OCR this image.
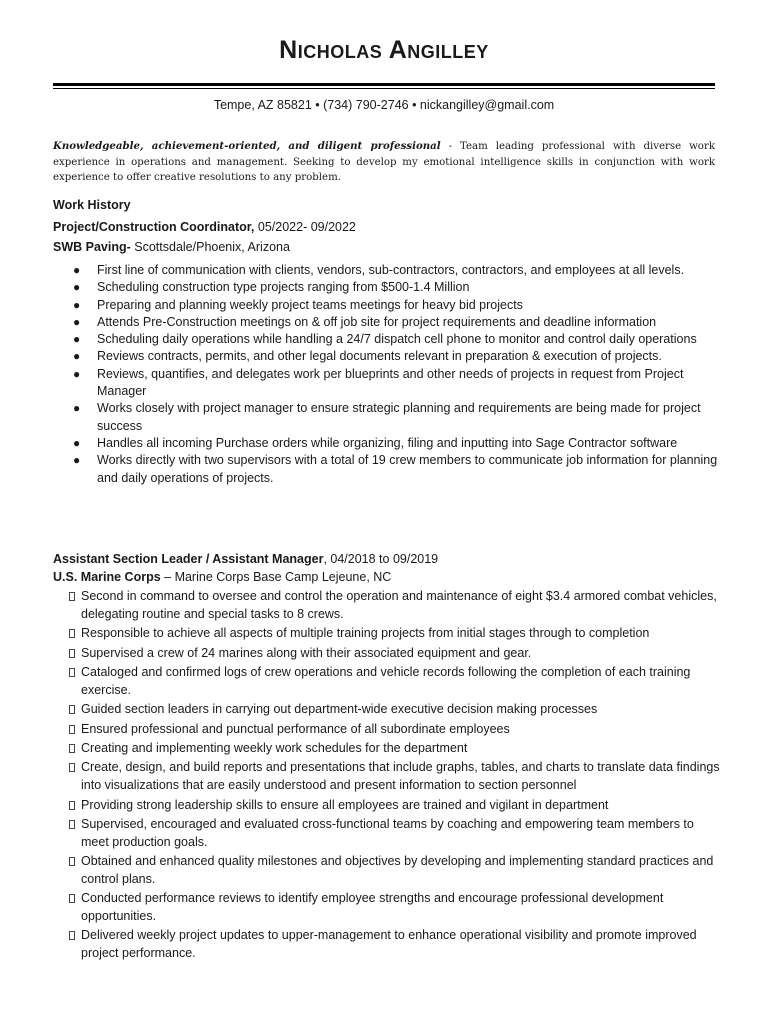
Nicholas Angilley
Tempe, AZ 85821 • (734) 790-2746 • nickangilley@gmail.com
Knowledgeable, achievement-oriented, and diligent professional - Team leading professional with diverse work experience in operations and management. Seeking to develop my emotional intelligence skills in conjunction with work experience to offer creative resolutions to any problem.
Work History
Project/Construction Coordinator, 05/2022- 09/2022
SWB Paving- Scottsdale/Phoenix, Arizona
● First line of communication with clients, vendors, sub-contractors, contractors, and employees at all levels.
● Scheduling construction type projects ranging from $500-1.4 Million
● Preparing and planning weekly project teams meetings for heavy bid projects
● Attends Pre-Construction meetings on & off job site for project requirements and deadline information
● Scheduling daily operations while handling a 24/7 dispatch cell phone to monitor and control daily operations
● Reviews contracts, permits, and other legal documents relevant in preparation & execution of projects.
● Reviews, quantifies, and delegates work per blueprints and other needs of projects in request from Project Manager
● Works closely with project manager to ensure strategic planning and requirements are being made for project success
● Handles all incoming Purchase orders while organizing, filing and inputting into Sage Contractor software
● Works directly with two supervisors with a total of 19 crew members to communicate job information for planning and daily operations of projects.
Assistant Section Leader / Assistant Manager, 04/2018 to 09/2019
U.S. Marine Corps – Marine Corps Base Camp Lejeune, NC
Second in command to oversee and control the operation and maintenance of eight $3.4 armored combat vehicles, delegating routine and special tasks to 8 crews.
Responsible to achieve all aspects of multiple training projects from initial stages through to completion
Supervised a crew of 24 marines along with their associated equipment and gear.
Cataloged and confirmed logs of crew operations and vehicle records following the completion of each training exercise.
Guided section leaders in carrying out department-wide executive decision making processes
Ensured professional and punctual performance of all subordinate employees
Creating and implementing weekly work schedules for the department
Create, design, and build reports and presentations that include graphs, tables, and charts to translate data findings into visualizations that are easily understood and present information to section personnel
Providing strong leadership skills to ensure all employees are trained and vigilant in department
Supervised, encouraged and evaluated cross-functional teams by coaching and empowering team members to meet production goals.
Obtained and enhanced quality milestones and objectives by developing and implementing standard practices and control plans.
Conducted performance reviews to identify employee strengths and encourage professional development opportunities.
Delivered weekly project updates to upper-management to enhance operational visibility and promote improved project performance.
